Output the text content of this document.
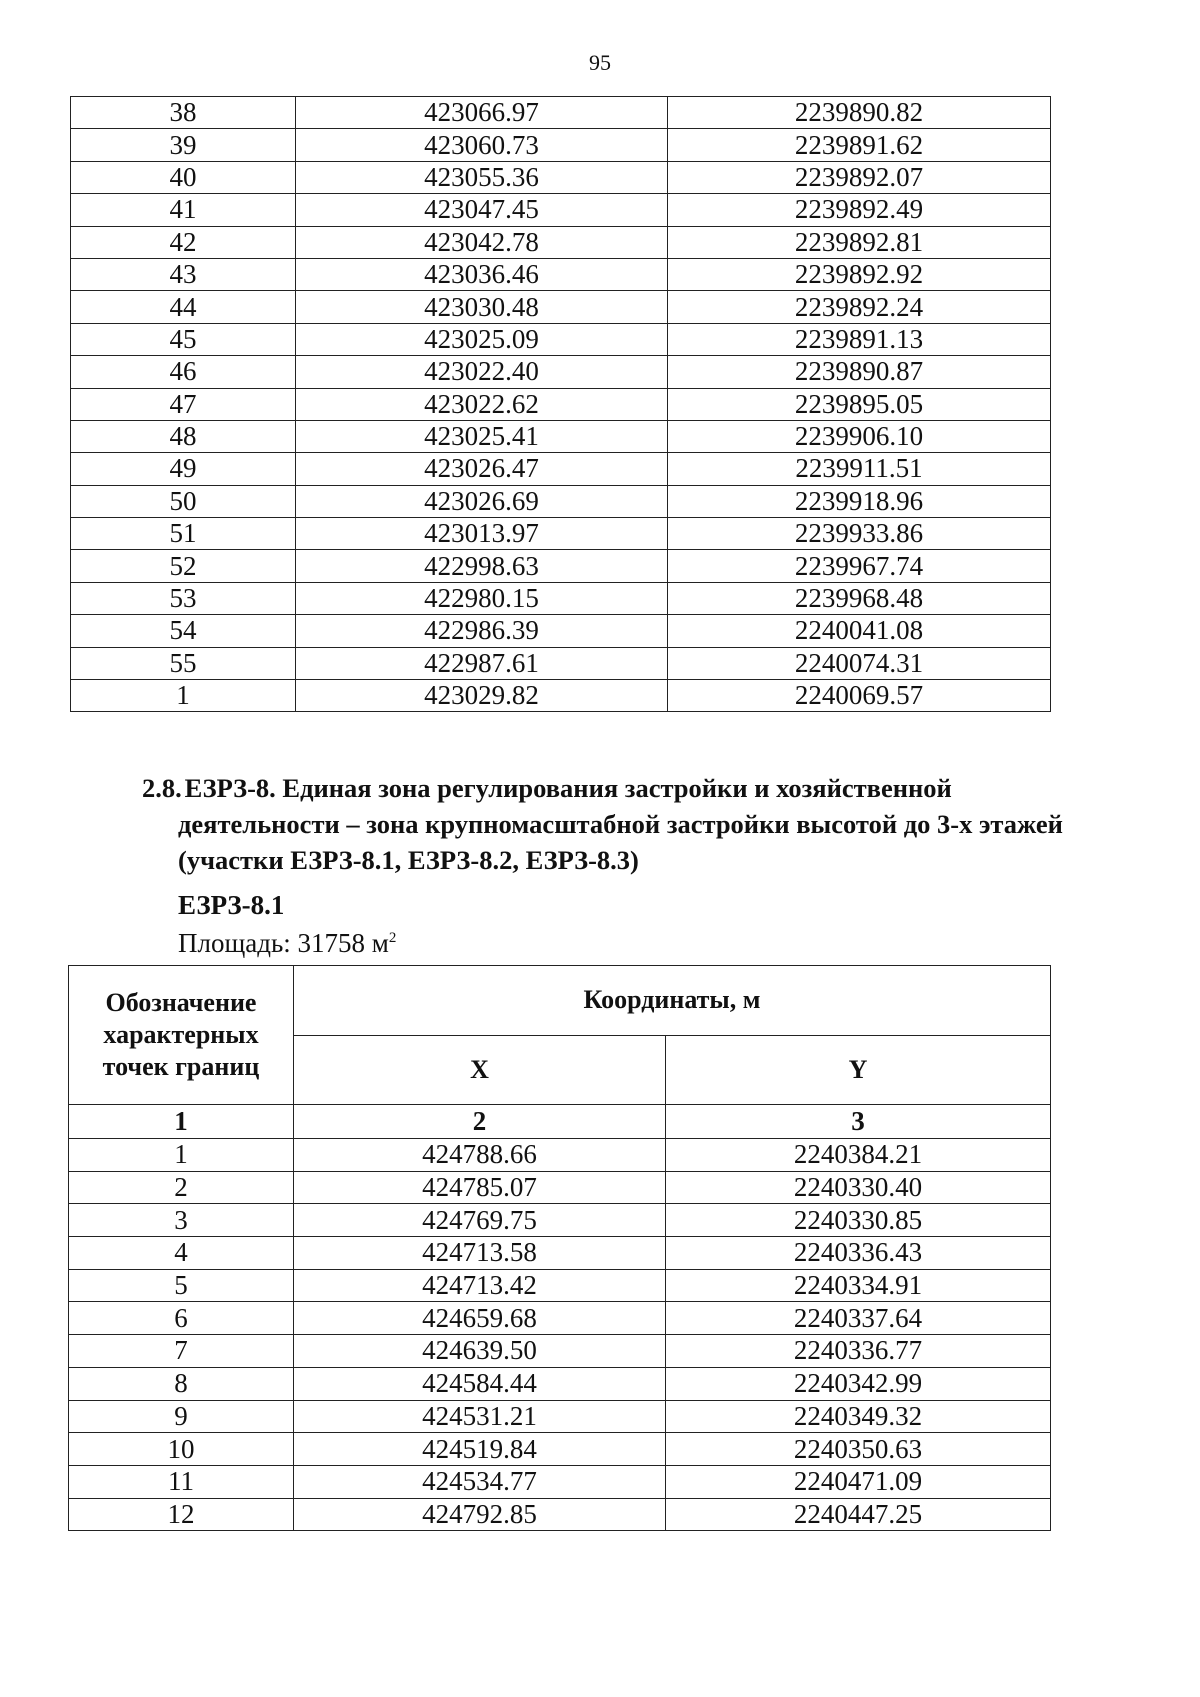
95
38	423066.97	2239890.82
39	423060.73	2239891.62
40	423055.36	2239892.07
41	423047.45	2239892.49
42	423042.78	2239892.81
43	423036.46	2239892.92
44	423030.48	2239892.24
45	423025.09	2239891.13
46	423022.40	2239890.87
47	423022.62	2239895.05
48	423025.41	2239906.10
49	423026.47	2239911.51
50	423026.69	2239918.96
51	423013.97	2239933.86
52	422998.63	2239967.74
53	422980.15	2239968.48
54	422986.39	2240041.08
55	422987.61	2240074.31
1	423029.82	2240069.57
2.8. ЕЗРЗ-8. Единая зона регулирования застройки и хозяйственной
деятельности – зона крупномасштабной застройки высотой до 3-х этажей
(участки ЕЗРЗ-8.1, ЕЗРЗ-8.2, ЕЗРЗ-8.3)
ЕЗРЗ-8.1
Площадь: 31758 $м^2$
Обозначение характерных точек границ	Координаты, м	
	X	Y
1	2	3
1	424788.66	2240384.21
2	424785.07	2240330.40
3	424769.75	2240330.85
4	424713.58	2240336.43
5	424713.42	2240334.91
6	424659.68	2240337.64
7	424639.50	2240336.77
8	424584.44	2240342.99
9	424531.21	2240349.32
10	424519.84	2240350.63
11	424534.77	2240471.09
12	424792.85	2240447.25
